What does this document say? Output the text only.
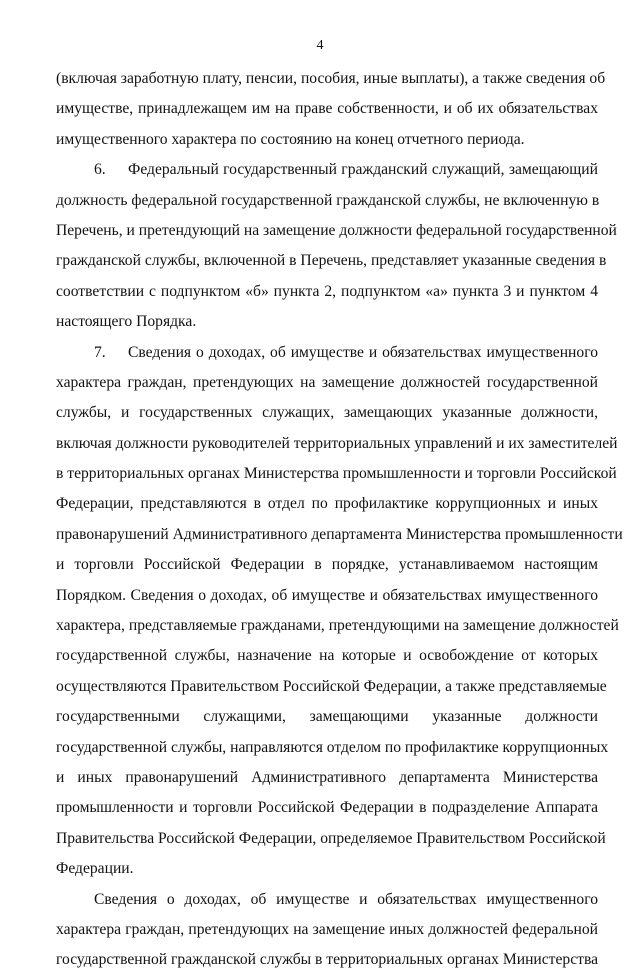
4
(включая заработную плату, пенсии, пособия, иные выплаты), а также сведения об
имуществе, принадлежащем им на праве собственности, и об их обязательствах
имущественного характера по состоянию на конец отчетного периода.
6. Федеральный государственный гражданский служащий, замещающий
должность федеральной государственной гражданской службы, не включенную в
Перечень, и претендующий на замещение должности федеральной государственной
гражданской службы, включенной в Перечень, представляет указанные сведения в
соответствии с подпунктом «б» пункта 2, подпунктом «а» пункта 3 и пунктом 4
настоящего Порядка.
7. Сведения о доходах, об имуществе и обязательствах имущественного
характера граждан, претендующих на замещение должностей государственной
службы, и государственных служащих, замещающих указанные должности,
включая должности руководителей территориальных управлений и их заместителей
в территориальных органах Министерства промышленности и торговли Российской
Федерации, представляются в отдел по профилактике коррупционных и иных
правонарушений Административного департамента Министерства промышленности
и торговли Российской Федерации в порядке, устанавливаемом настоящим
Порядком. Сведения о доходах, об имуществе и обязательствах имущественного
характера, представляемые гражданами, претендующими на замещение должностей
государственной службы, назначение на которые и освобождение от которых
осуществляются Правительством Российской Федерации, а также представляемые
государственными служащими, замещающими указанные должности
государственной службы, направляются отделом по профилактике коррупционных
и иных правонарушений Административного департамента Министерства
промышленности и торговли Российской Федерации в подразделение Аппарата
Правительства Российской Федерации, определяемое Правительством Российской
Федерации.
Сведения о доходах, об имуществе и обязательствах имущественного
характера граждан, претендующих на замещение иных должностей федеральной
государственной гражданской службы в территориальных органах Министерства
